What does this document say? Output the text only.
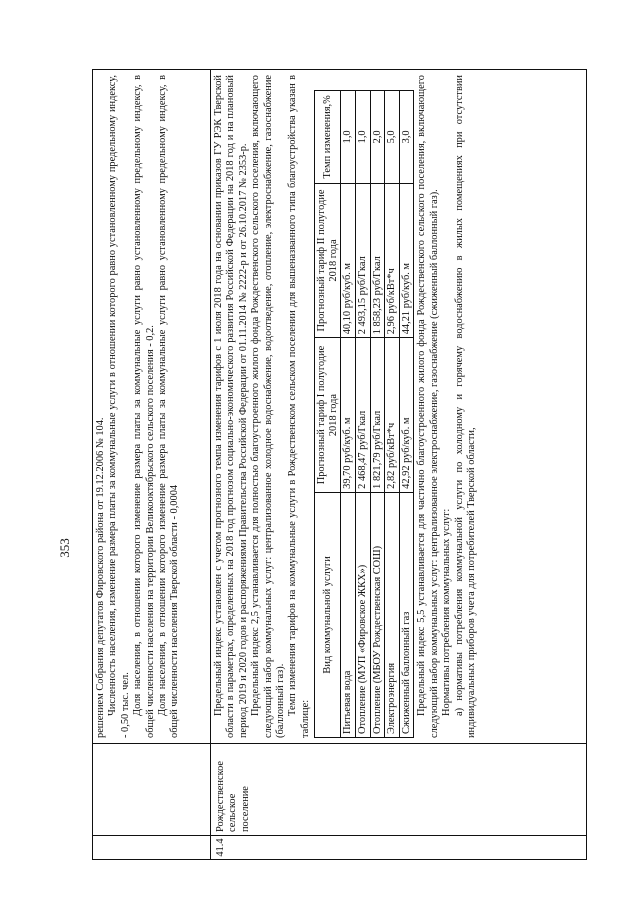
353
		решением Собрания депутатов Фировского района от 19.12.2006 № 104. Численность населения, изменение размера платы за коммунальные услуги в отношении которого равно установленному предельному индексу, - 0,50 тыс. чел. Доля населения, в отношении которого изменение размера платы за коммунальные услуги равно установленному предельному индексу, в общей численности населения на территории Великооктябрьского сельского поселения - 0,2. Доля населения, в отношении которого изменение размера платы за коммунальные услуги равно установленному предельному индексу, в общей численности населения Тверской области - 0,0004

41.4	Рождественское сельское поселение	

Предельный индекс установлен с учетом прогнозного темпа изменения тарифов с 1 июля 2018 года на основании приказов ГУ РЭК Тверской области в параметрах, определенных на 2018 год прогнозом социально-экономического развития Российской Федерации на 2018 год и на плановый период 2019 и 2020 годов и распоряжениями Правительства Российской Федерации от 01.11.2014 № 2222-р и от 26.10.2017 № 2353-р. Предельный индекс 2,5 устанавливается для полностью благоустроенного жилого фонда Рождественского сельского поселения, включающего следующий набор коммунальных услуг: централизованное холодное водоснабжение, водоотведение, отопление, электроснабжение, газоснабжение (баллонный газ). Темп изменения тарифов на коммунальные услуги в Рождественском сельском поселении для вышеназванного типа благоустройства указан в таблице:

Вид коммунальной услуги	Прогнозный тариф I полугодие 2018 года	Прогнозный тариф II полугодие 2018 года	Темп изменения,%
Питьевая вода	39,70 руб/куб. м	40,10 руб/куб. м	1,0
Отопление (МУП «Фировское ЖКХ»)	2 468,47 руб/Гкал	2 493,15 руб/Гкал	1,0
Отопление (МБОУ Рождественская СОШ)	1 821,79 руб/Гкал	1 858,23 руб/Гкал	2,0
Электроэнергия	2,82 руб/кВт*ч	2,96 руб/кВт*ч	5,0
Сжиженный баллонный газ	42,92 руб/куб. м	44,21 руб/куб. м	3,0 Предельный индекс 5,5 устанавливается для частично благоустроенного жилого фонда Рождественского сельского поселения, включающего следующий набор коммунальных услуг: централизованное электроснабжение, газоснабжение (сжиженный баллонный газ). Нормативы потребления коммунальных услуг: а) нормативы потребления коммунальной услуги по холодному и горячему водоснабжению в жилых помещениях при отсутствии индивидуальных приборов учета для потребителей Тверской области,
